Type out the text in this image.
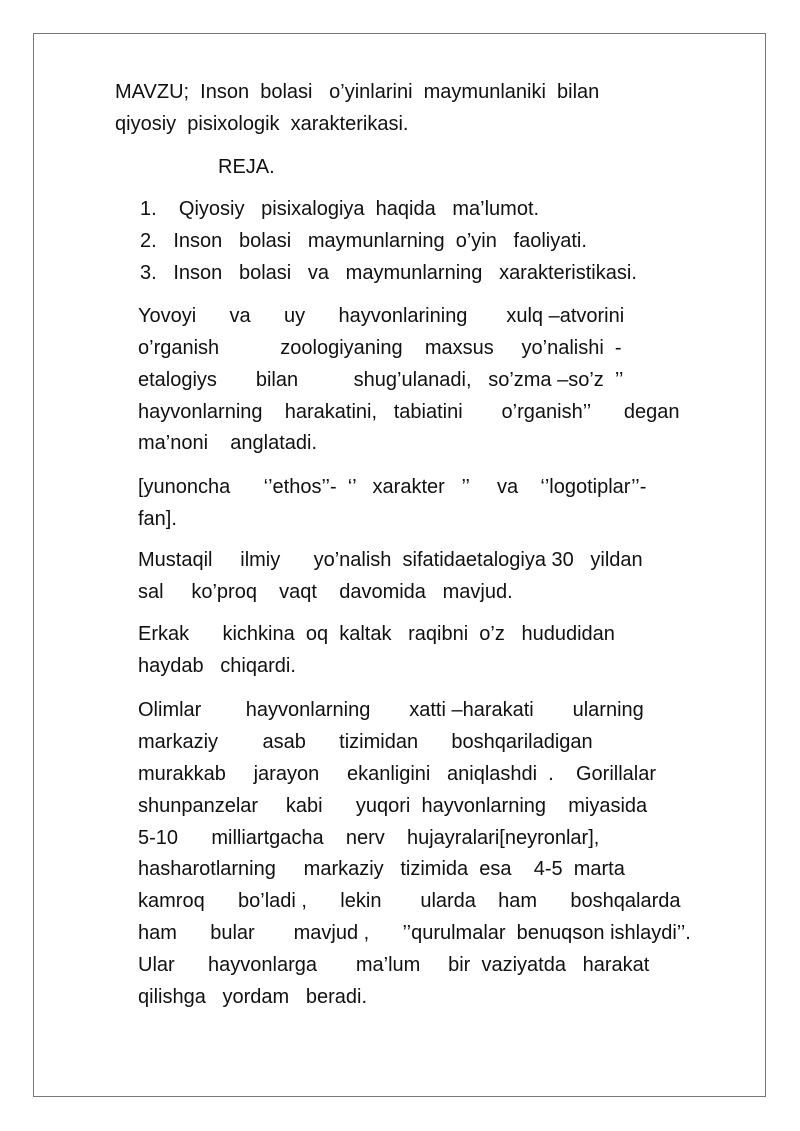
MAVZU;  Inson  bolasi   o’yinlarini  maymunlaniki  bilan
qiyosiy  pisixologik  xarakterikasi.
REJA.
1.    Qiyosiy   pisixalogiya  haqida   ma’lumot.
2.   Inson   bolasi   maymunlarning  o’yin   faoliyati.
3.   Inson   bolasi   va   maymunlarning   xarakteristikasi.
Yovoyi      va      uy      hayvonlarining       xulq –atvorini
o’rganish           zoologiyaning    maxsus     yo’nalishi  -
etalogiys       bilan          shug’ulanadi,   so’zma –so’z  ’’
hayvonlarning    harakatini,   tabiatini       o’rganish’’      degan
ma’noni    anglatadi.
[yunoncha      ‘’ethos’’-  ‘’   xarakter   ’’     va    ‘’logotiplar’’-
fan].
Mustaqil     ilmiy      yo’nalish  sifatidaetalogiya 30   yildan
sal     ko’proq    vaqt    davomida   mavjud.
Erkak      kichkina  oq  kaltak   raqibni  o’z   hududidan
haydab   chiqardi.
Olimlar        hayvonlarning       xatti –harakati       ularning
markaziy        asab      tizimidan      boshqariladigan
murakkab     jarayon     ekanligini   aniqlashdi  .    Gorillalar
shunpanzelar     kabi      yuqori  hayvonlarning    miyasida
5-10      milliartgacha    nerv    hujayralari[neyronlar],
hasharotlarning     markaziy   tizimida  esa    4-5  marta
kamroq      bo’ladi ,      lekin       ularda    ham      boshqalarda
ham      bular       mavjud ,      ’’qurulmalar  benuqson ishlaydi’’.
Ular      hayvonlarga       ma’lum     bir  vaziyatda   harakat
qilishga   yordam   beradi.
